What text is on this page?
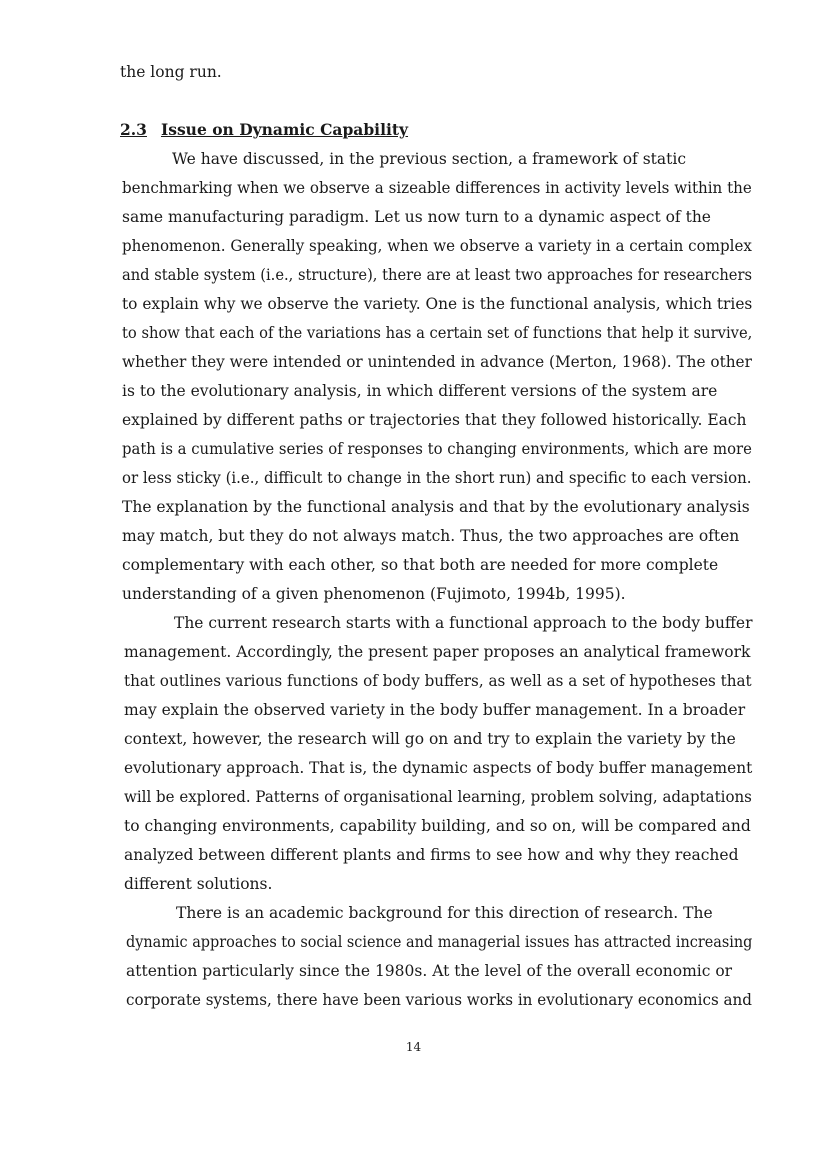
the long run.
2.3 Issue on Dynamic Capability
We have discussed, in the previous section, a framework of static
benchmarking when we observe a sizeable differences in activity levels within the
same manufacturing paradigm. Let us now turn to a dynamic aspect of the
phenomenon. Generally speaking, when we observe a variety in a certain complex
and stable system (i.e., structure), there are at least two approaches for researchers
to explain why we observe the variety. One is the functional analysis, which tries
to show that each of the variations has a certain set of functions that help it survive,
whether they were intended or unintended in advance (Merton, 1968). The other
is to the evolutionary analysis, in which different versions of the system are
explained by different paths or trajectories that they followed historically. Each
path is a cumulative series of responses to changing environments, which are more
or less sticky (i.e., difficult to change in the short run) and specific to each version.
The explanation by the functional analysis and that by the evolutionary analysis
may match, but they do not always match. Thus, the two approaches are often
complementary with each other, so that both are needed for more complete
understanding of a given phenomenon (Fujimoto, 1994b, 1995).
The current research starts with a functional approach to the body buffer
management. Accordingly, the present paper proposes an analytical framework
that outlines various functions of body buffers, as well as a set of hypotheses that
may explain the observed variety in the body buffer management. In a broader
context, however, the research will go on and try to explain the variety by the
evolutionary approach. That is, the dynamic aspects of body buffer management
will be explored. Patterns of organisational learning, problem solving, adaptations
to changing environments, capability building, and so on, will be compared and
analyzed between different plants and firms to see how and why they reached
different solutions.
There is an academic background for this direction of research. The
dynamic approaches to social science and managerial issues has attracted increasing
attention particularly since the 1980s. At the level of the overall economic or
corporate systems, there have been various works in evolutionary economics and
14
